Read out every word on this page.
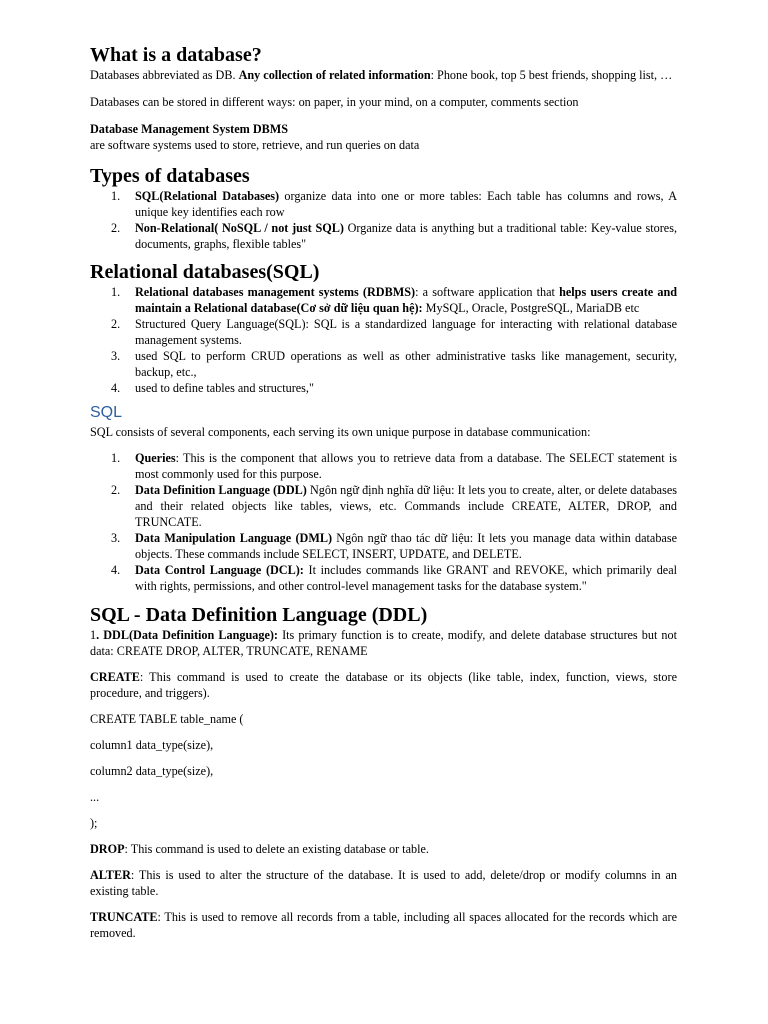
What is a database?

Databases abbreviated as DB. Any collection of related information: Phone book, top 5 best friends, shopping list, …

Databases can be stored in different ways: on paper, in your mind, on a computer, comments section

Database Management System DBMS

are software systems used to store, retrieve, and run queries on data

Types of databases
1. SQL(Relational Databases) organize data into one or more tables: Each table has columns and rows, A unique key identifies each row
2. Non-Relational( NoSQL / not just SQL) Organize data is anything but a traditional table: Key-value stores, documents, graphs, flexible tables"
Relational databases(SQL)
1. Relational databases management systems (RDBMS): a software application that helps users create and maintain a Relational database(Cơ sở dữ liệu quan hệ): MySQL, Oracle, PostgreSQL, MariaDB etc
2. Structured Query Language(SQL): SQL is a standardized language for interacting with relational database management systems.
3. used SQL to perform CRUD operations as well as other administrative tasks like management, security, backup, etc.,
4. used to define tables and structures,"
SQL

SQL consists of several components, each serving its own unique purpose in database communication:

1. Queries: This is the component that allows you to retrieve data from a database. The SELECT statement is most commonly used for this purpose.
2. Data Definition Language (DDL) Ngôn ngữ định nghĩa dữ liệu: It lets you to create, alter, or delete databases and their related objects like tables, views, etc. Commands include CREATE, ALTER, DROP, and TRUNCATE.
3. Data Manipulation Language (DML) Ngôn ngữ thao tác dữ liệu: It lets you manage data within database objects. These commands include SELECT, INSERT, UPDATE, and DELETE.
4. Data Control Language (DCL): It includes commands like GRANT and REVOKE, which primarily deal with rights, permissions, and other control-level management tasks for the database system."
SQL - Data Definition Language (DDL)

1. DDL(Data Definition Language): Its primary function is to create, modify, and delete database structures but not data: CREATE DROP, ALTER, TRUNCATE, RENAME

CREATE: This command is used to create the database or its objects (like table, index, function, views, store procedure, and triggers).

CREATE TABLE table_name (

column1 data_type(size),

column2 data_type(size),

...

);

DROP: This command is used to delete an existing database or table.

ALTER: This is used to alter the structure of the database. It is used to add, delete/drop or modify columns in an existing table.

TRUNCATE: This is used to remove all records from a table, including all spaces allocated for the records which are removed.
